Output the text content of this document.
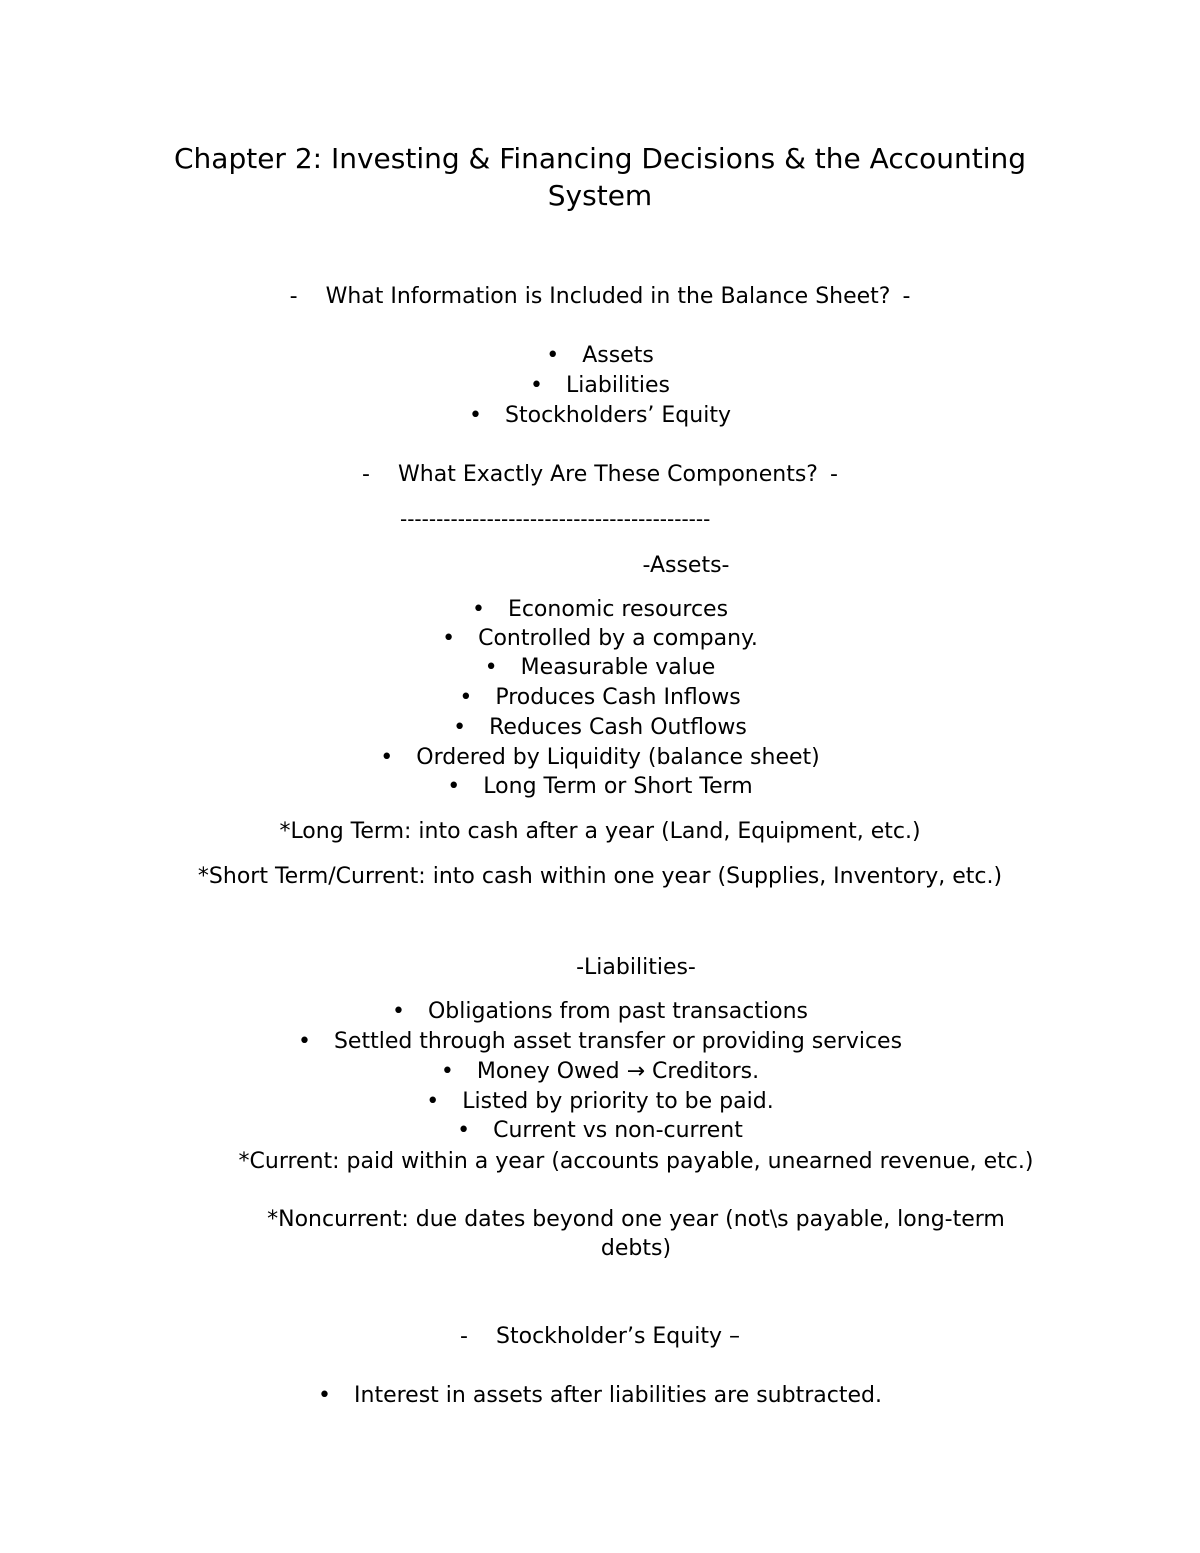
Chapter 2: Investing & Financing Decisions & the Accounting System
- What Information is Included in the Balance Sheet? -
• Assets
• Liabilities
• Stockholders’ Equity
- What Exactly Are These Components? -
-------------------------------------------
-Assets-
• Economic resources
• Controlled by a company.
• Measurable value
• Produces Cash Inflows
• Reduces Cash Outflows
• Ordered by Liquidity (balance sheet)
• Long Term or Short Term
*Long Term: into cash after a year (Land, Equipment, etc.)
*Short Term/Current: into cash within one year (Supplies, Inventory, etc.)
-Liabilities-
• Obligations from past transactions
• Settled through asset transfer or providing services
• Money Owed → Creditors.
• Listed by priority to be paid.
• Current vs non-current
*Current: paid within a year (accounts payable, unearned revenue, etc.)
*Noncurrent: due dates beyond one year (not\s payable, long-term debts)
- Stockholder’s Equity –
• Interest in assets after liabilities are subtracted.
